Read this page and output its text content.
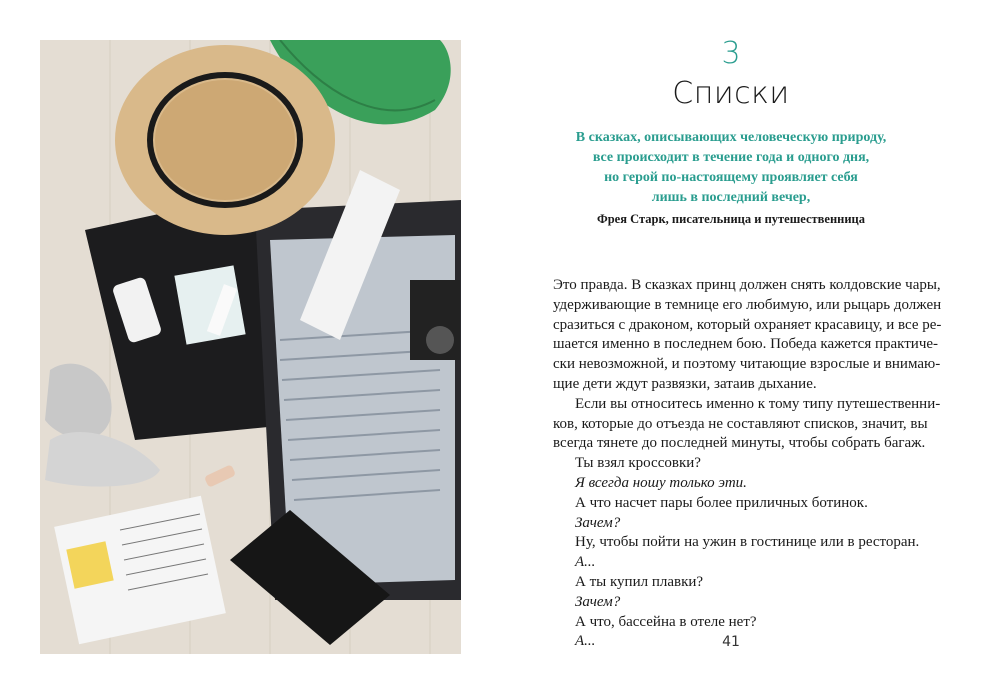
3
Списки
В сказках, описывающих человеческую природу,
все происходит в течение года и одного дня,
но герой по-настоящему проявляет себя
лишь в последний вечер,
Фрея Старк, писательница и путешественница
Это правда. В сказках принц должен снять колдовские чары,
удерживающие в темнице его любимую, или рыцарь должен
сразиться с драконом, который охраняет красавицу, и все ре-
шается именно в последнем бою. Победа кажется практиче-
ски невозможной, и поэтому читающие взрослые и внимаю-
щие дети ждут развязки, затаив дыхание.
Если вы относитесь именно к тому типу путешественни-
ков, которые до отъезда не составляют списков, значит, вы
всегда тянете до последней минуты, чтобы собрать багаж.
Ты взял кроссовки?
Я всегда ношу только эти.
А что насчет пары более приличных ботинок.
Зачем?
Ну, чтобы пойти на ужин в гостинице или в ресторан.
А...
А ты купил плавки?
Зачем?
А что, бассейна в отеле нет?
А...	41
